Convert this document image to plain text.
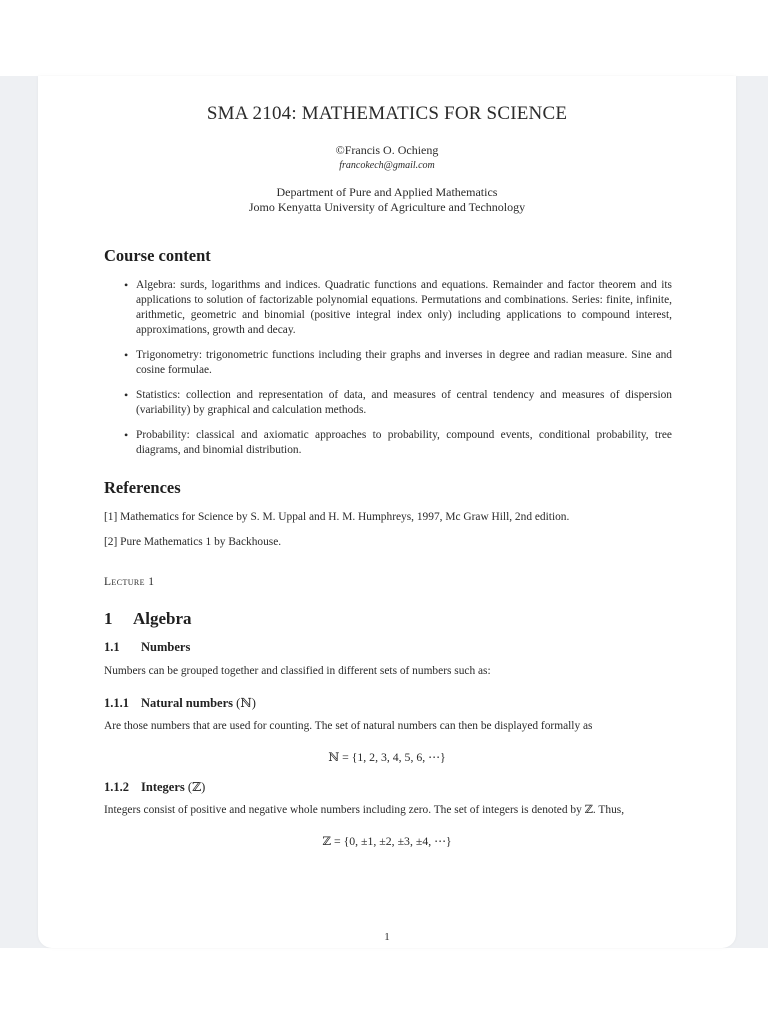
SMA 2104: MATHEMATICS FOR SCIENCE
©Francis O. Ochieng
francokech@gmail.com
Department of Pure and Applied Mathematics
Jomo Kenyatta University of Agriculture and Technology
Course content
• Algebra: surds, logarithms and indices. Quadratic functions and equations. Remainder and factor theorem and its applications to solution of factorizable polynomial equations. Permutations and combinations. Series: finite, infinite, arithmetic, geometric and binomial (positive integral index only) including applications to compound interest, approximations, growth and decay.
• Trigonometry: trigonometric functions including their graphs and inverses in degree and radian measure. Sine and cosine formulae.
• Statistics: collection and representation of data, and measures of central tendency and measures of dispersion (variability) by graphical and calculation methods.
• Probability: classical and axiomatic approaches to probability, compound events, conditional probability, tree diagrams, and binomial distribution.
References
[1] Mathematics for Science by S. M. Uppal and H. M. Humphreys, 1997, Mc Graw Hill, 2nd edition.
[2] Pure Mathematics 1 by Backhouse.
Lecture 1
1 Algebra
1.1 Numbers
Numbers can be grouped together and classified in different sets of numbers such as:
1.1.1 Natural numbers (ℕ)
Are those numbers that are used for counting. The set of natural numbers can then be displayed formally as
ℕ = {1, 2, 3, 4, 5, 6, ⋯}
1.1.2 Integers (ℤ)
Integers consist of positive and negative whole numbers including zero. The set of integers is denoted by ℤ. Thus,
ℤ = {0, ±1, ±2, ±3, ±4, ⋯}
1
